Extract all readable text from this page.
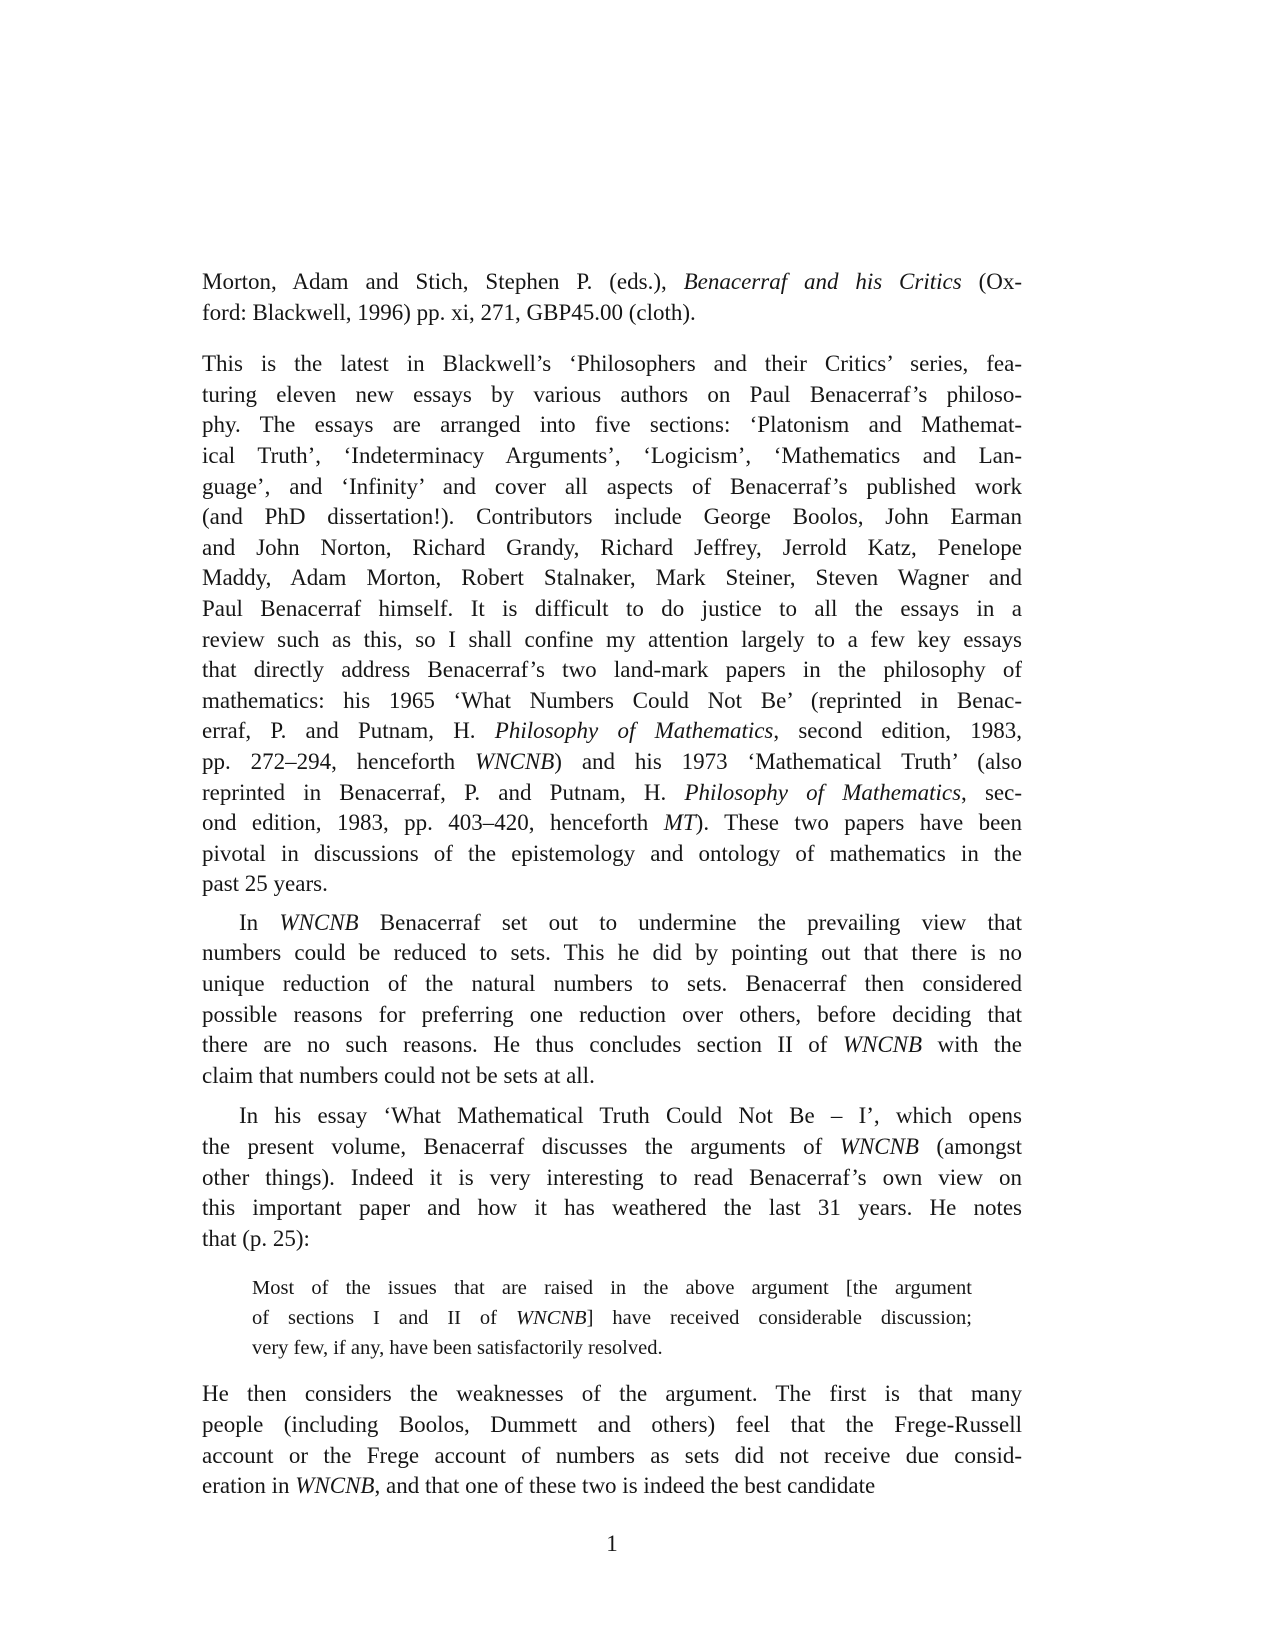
Morton, Adam and Stich, Stephen P. (eds.), Benacerraf and his Critics (Ox-
ford: Blackwell, 1996) pp. xi, 271, GBP45.00 (cloth).
This is the latest in Blackwell’s ‘Philosophers and their Critics’ series, fea-
turing eleven new essays by various authors on Paul Benacerraf’s philoso-
phy. The essays are arranged into five sections: ‘Platonism and Mathemat-
ical Truth’, ‘Indeterminacy Arguments’, ‘Logicism’, ‘Mathematics and Lan-
guage’, and ‘Infinity’ and cover all aspects of Benacerraf’s published work
(and PhD dissertation!). Contributors include George Boolos, John Earman
and John Norton, Richard Grandy, Richard Jeffrey, Jerrold Katz, Penelope
Maddy, Adam Morton, Robert Stalnaker, Mark Steiner, Steven Wagner and
Paul Benacerraf himself. It is difficult to do justice to all the essays in a
review such as this, so I shall confine my attention largely to a few key essays
that directly address Benacerraf’s two land-mark papers in the philosophy of
mathematics: his 1965 ‘What Numbers Could Not Be’ (reprinted in Benac-
erraf, P. and Putnam, H. Philosophy of Mathematics, second edition, 1983,
pp. 272–294, henceforth WNCNB) and his 1973 ‘Mathematical Truth’ (also
reprinted in Benacerraf, P. and Putnam, H. Philosophy of Mathematics, sec-
ond edition, 1983, pp. 403–420, henceforth MT). These two papers have been
pivotal in discussions of the epistemology and ontology of mathematics in the
past 25 years.
In WNCNB Benacerraf set out to undermine the prevailing view that
numbers could be reduced to sets. This he did by pointing out that there is no
unique reduction of the natural numbers to sets. Benacerraf then considered
possible reasons for preferring one reduction over others, before deciding that
there are no such reasons. He thus concludes section II of WNCNB with the
claim that numbers could not be sets at all.
In his essay ‘What Mathematical Truth Could Not Be – I’, which opens
the present volume, Benacerraf discusses the arguments of WNCNB (amongst
other things). Indeed it is very interesting to read Benacerraf’s own view on
this important paper and how it has weathered the last 31 years. He notes
that (p. 25):
Most of the issues that are raised in the above argument [the argument
of sections I and II of WNCNB] have received considerable discussion;
very few, if any, have been satisfactorily resolved.
He then considers the weaknesses of the argument. The first is that many
people (including Boolos, Dummett and others) feel that the Frege-Russell
account or the Frege account of numbers as sets did not receive due consid-
eration in WNCNB, and that one of these two is indeed the best candidate
1
